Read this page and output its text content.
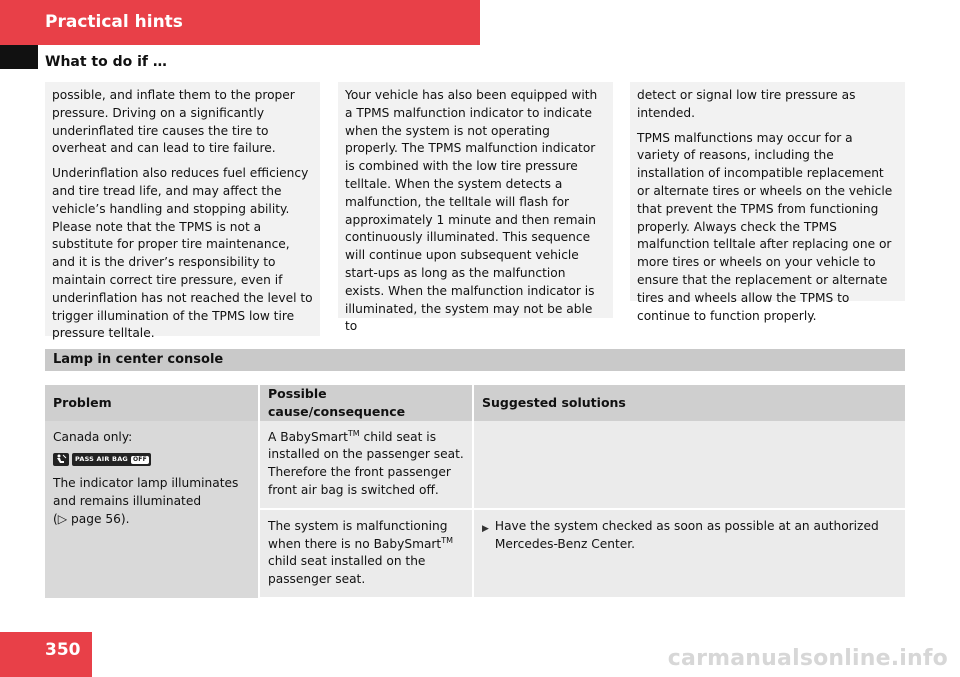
Practical hints
What to do if …

possible, and inflate them to the proper pressure. Driving on a significantly underinflated tire causes the tire to overheat and can lead to tire failure.

Underinflation also reduces fuel efficiency and tire tread life, and may affect the vehicle’s handling and stopping ability. Please note that the TPMS is not a substitute for proper tire maintenance, and it is the driver’s responsibility to maintain correct tire pressure, even if underinflation has not reached the level to trigger illumination of the TPMS low tire pressure telltale.

Your vehicle has also been equipped with a TPMS malfunction indicator to indicate when the system is not operating properly. The TPMS malfunction indicator is combined with the low tire pressure telltale. When the system detects a malfunction, the telltale will flash for approximately 1 minute and then remain continuously illuminated. This sequence will continue upon subsequent vehicle start-ups as long as the malfunction exists. When the malfunction indicator is illuminated, the system may not be able to

detect or signal low tire pressure as intended.

TPMS malfunctions may occur for a variety of reasons, including the installation of incompatible replacement or alternate tires or wheels on the vehicle that prevent the TPMS from functioning properly. Always check the TPMS malfunction telltale after replacing one or more tires or wheels on your vehicle to ensure that the replacement or alternate tires and wheels allow the TPMS to continue to function properly.

Lamp in center console
Problem	Possible cause/consequence	Suggested solutions

Canada only:

PASS AIR BAG OFF

The indicator lamp illuminates and remains illuminated
(▷ page 56).	A BabySmart™ child seat is installed on the passenger seat. Therefore the front passenger front air bag is switched off.	
	The system is malfunctioning when there is no BabySmart™ child seat installed on the passenger seat.	▶ Have the system checked as soon as possible at an authorized Mercedes-Benz Center.
350	carmanualsonline.info
